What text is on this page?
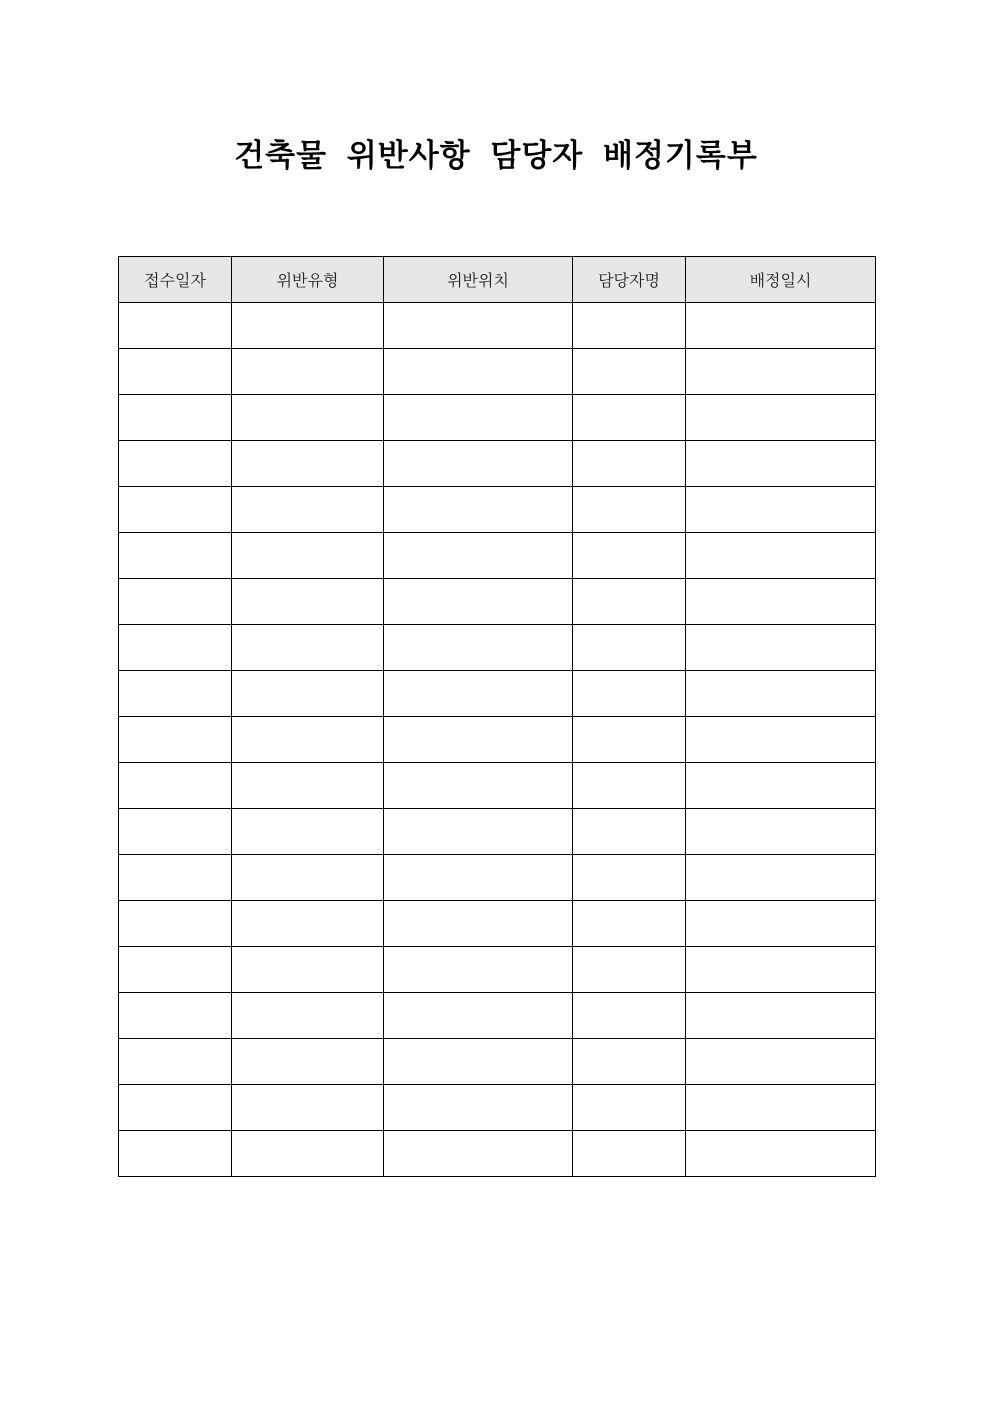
건축물 위반사항 담당자 배정기록부
접수일자	위반유형	위반위치	담당자명	배정일시
